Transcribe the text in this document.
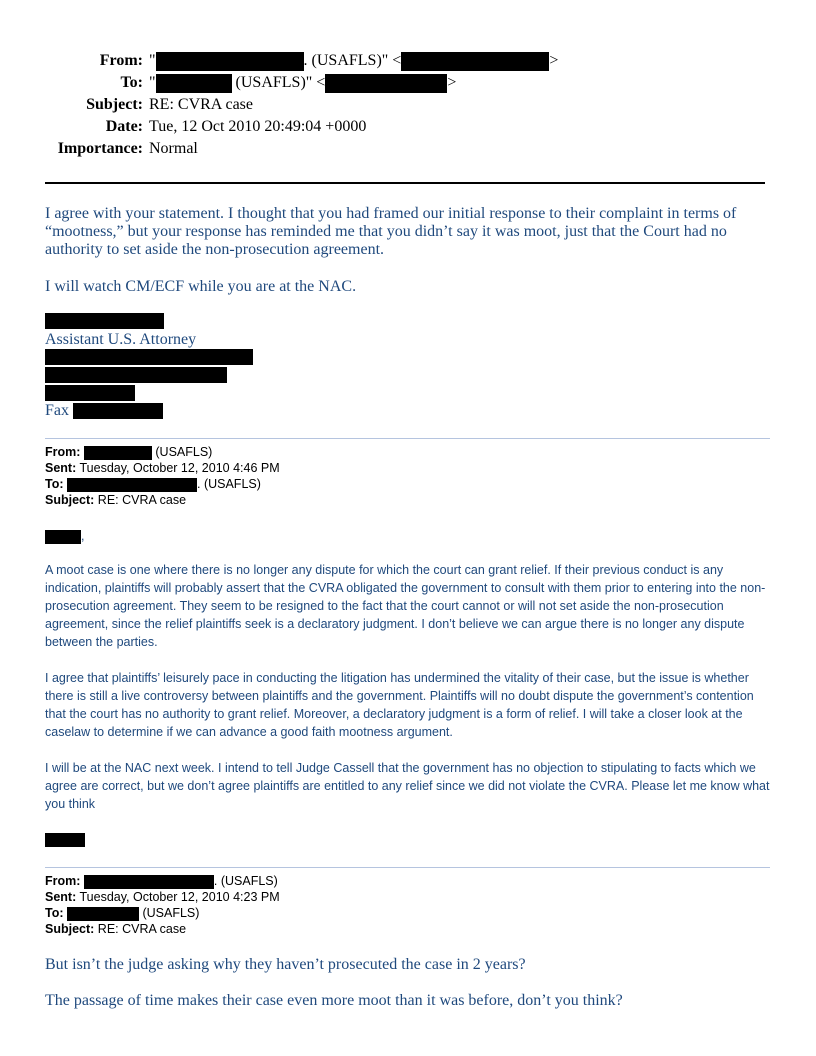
From: "	. (USAFLS)" <	>
To: "	(USAFLS)" <	>
Subject: RE: CVRA case
Date: Tue, 12 Oct 2010 20:49:04 +0000
Importance: Normal
I agree with your statement. I thought that you had framed our initial response to their complaint in terms of “mootness,” but your response has reminded me that you didn’t say it was moot, just that the Court had no authority to set aside the non-prosecution agreement.
I will watch CM/ECF while you are at the NAC.
Assistant U.S. Attorney
Fax
From:	(USAFLS)
Sent: Tuesday, October 12, 2010 4:46 PM
To:	. (USAFLS)
Subject: RE: CVRA case
,
A moot case is one where there is no longer any dispute for which the court can grant relief. If their previous conduct is any indication, plaintiffs will probably assert that the CVRA obligated the government to consult with them prior to entering into the non-prosecution agreement. They seem to be resigned to the fact that the court cannot or will not set aside the non-prosecution agreement, since the relief plaintiffs seek is a declaratory judgment. I don’t believe we can argue there is no longer any dispute between the parties.
I agree that plaintiffs’ leisurely pace in conducting the litigation has undermined the vitality of their case, but the issue is whether there is still a live controversy between plaintiffs and the government. Plaintiffs will no doubt dispute the government’s contention that the court has no authority to grant relief. Moreover, a declaratory judgment is a form of relief. I will take a closer look at the caselaw to determine if we can advance a good faith mootness argument.
I will be at the NAC next week. I intend to tell Judge Cassell that the government has no objection to stipulating to facts which we agree are correct, but we don’t agree plaintiffs are entitled to any relief since we did not violate the CVRA. Please let me know what you think
From:	. (USAFLS)
Sent: Tuesday, October 12, 2010 4:23 PM
To:	(USAFLS)
Subject: RE: CVRA case
But isn’t the judge asking why they haven’t prosecuted the case in 2 years?
The passage of time makes their case even more moot than it was before, don’t you think?
